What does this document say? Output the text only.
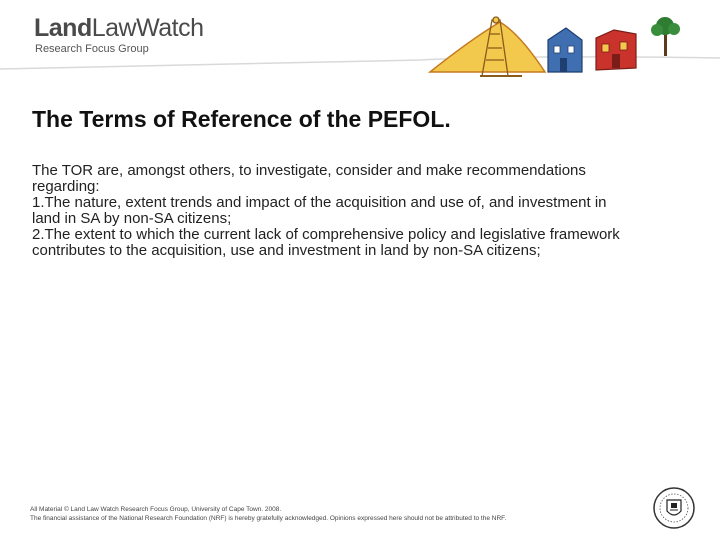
LandLawWatch
Research Focus Group
The Terms of Reference of the PEFOL.

The TOR are, amongst others, to investigate, consider and make recommendations regarding:

1.The nature, extent trends and impact of the acquisition and use of, and investment in land in SA by non-SA citizens;

2.The extent to which the current lack of comprehensive policy and legislative framework contributes to the acquisition, use and investment in land by non-SA citizens;

All Material © Land Law Watch Research Focus Group, University of Cape Town. 2008.

The financial assistance of the National Research Foundation (NRF) is hereby gratefully acknowledged. Opinions expressed here should not be attributed to the NRF.
